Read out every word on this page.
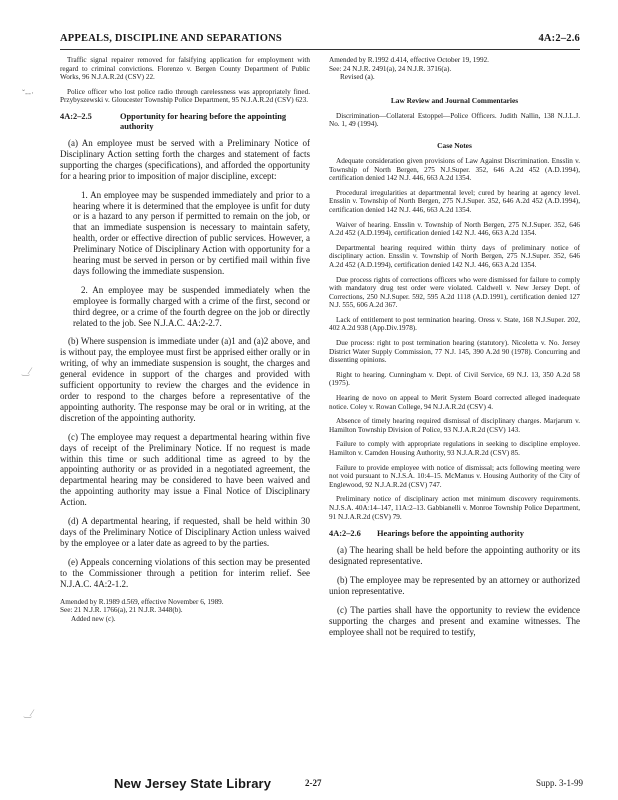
APPEALS, DISCIPLINE AND SEPARATIONS	4A:2–2.6

Traffic signal repairer removed for falsifying application for employment with regard to criminal convictions. Florenzo v. Bergen County Department of Public Works, 96 N.J.A.R.2d (CSV) 22.

Police officer who lost police radio through carelessness was appropriately fined. Przybyszewski v. Gloucester Township Police Department, 95 N.J.A.R.2d (CSV) 623.

4A:2–2.5	Opportunity for hearing before the appointing
authority

(a) An employee must be served with a Preliminary Notice of Disciplinary Action setting forth the charges and statement of facts supporting the charges (specifications), and afforded the opportunity for a hearing prior to imposition of major discipline, except:

1. An employee may be suspended immediately and prior to a hearing where it is determined that the employee is unfit for duty or is a hazard to any person if permitted to remain on the job, or that an immediate suspension is necessary to maintain safety, health, order or effective direction of public services. However, a Preliminary Notice of Disciplinary Action with opportunity for a hearing must be served in person or by certified mail within five days following the immediate suspension.

2. An employee may be suspended immediately when the employee is formally charged with a crime of the first, second or third degree, or a crime of the fourth degree on the job or directly related to the job. See N.J.A.C. 4A:2-2.7.

(b) Where suspension is immediate under (a)1 and (a)2 above, and is without pay, the employee must first be apprised either orally or in writing, of why an immediate suspension is sought, the charges and general evidence in support of the charges and provided with sufficient opportunity to review the charges and the evidence in order to respond to the charges before a representative of the appointing authority. The response may be oral or in writing, at the discretion of the appointing authority.

(c) The employee may request a departmental hearing within five days of receipt of the Preliminary Notice. If no request is made within this time or such additional time as agreed to by the appointing authority or as provided in a negotiated agreement, the departmental hearing may be considered to have been waived and the appointing authority may issue a Final Notice of Disciplinary Action.

(d) A departmental hearing, if requested, shall be held within 30 days of the Preliminary Notice of Disciplinary Action unless waived by the employee or a later date as agreed to by the parties.

(e) Appeals concerning violations of this section may be presented to the Commissioner through a petition for interim relief. See N.J.A.C. 4A:2-1.2.

Amended by R.1989 d.569, effective November 6, 1989.

See: 21 N.J.R. 1766(a), 21 N.J.R. 3448(b).

Added new (c).

Amended by R.1992 d.414, effective October 19, 1992.

See: 24 N.J.R. 2491(a), 24 N.J.R. 3716(a).

Revised (a).

Law Review and Journal Commentaries

Discrimination—Collateral Estoppel—Police Officers. Judith Nallin, 138 N.J.L.J. No. 1, 49 (1994).

Case Notes

Adequate consideration given provisions of Law Against Discrimination. Ensslin v. Township of North Bergen, 275 N.J.Super. 352, 646 A.2d 452 (A.D.1994), certification denied 142 N.J. 446, 663 A.2d 1354.

Procedural irregularities at departmental level; cured by hearing at agency level. Ensslin v. Township of North Bergen, 275 N.J.Super. 352, 646 A.2d 452 (A.D.1994), certification denied 142 N.J. 446, 663 A.2d 1354.

Waiver of hearing. Ensslin v. Township of North Bergen, 275 N.J.Super. 352, 646 A.2d 452 (A.D.1994), certification denied 142 N.J. 446, 663 A.2d 1354.

Departmental hearing required within thirty days of preliminary notice of disciplinary action. Ensslin v. Township of North Bergen, 275 N.J.Super. 352, 646 A.2d 452 (A.D.1994), certification denied 142 N.J. 446, 663 A.2d 1354.

Due process rights of corrections officers who were dismissed for failure to comply with mandatory drug test order were violated. Caldwell v. New Jersey Dept. of Corrections, 250 N.J.Super. 592, 595 A.2d 1118 (A.D.1991), certification denied 127 N.J. 555, 606 A.2d 367.

Lack of entitlement to post termination hearing. Oress v. State, 168 N.J.Super. 202, 402 A.2d 938 (App.Div.1978).

Due process: right to post termination hearing (statutory). Nicoletta v. No. Jersey District Water Supply Commission, 77 N.J. 145, 390 A.2d 90 (1978). Concurring and dissenting opinions.

Right to hearing. Cunningham v. Dept. of Civil Service, 69 N.J. 13, 350 A.2d 58 (1975).

Hearing de novo on appeal to Merit System Board corrected alleged inadequate notice. Coley v. Rowan College, 94 N.J.A.R.2d (CSV) 4.

Absence of timely hearing required dismissal of disciplinary charges. Marjarum v. Hamilton Township Division of Police, 93 N.J.A.R.2d (CSV) 143.

Failure to comply with appropriate regulations in seeking to discipline employee. Hamilton v. Camden Housing Authority, 93 N.J.A.R.2d (CSV) 85.

Failure to provide employee with notice of dismissal; acts following meeting were not void pursuant to N.J.S.A. 10:4–15. McManus v. Housing Authority of the City of Englewood, 92 N.J.A.R.2d (CSV) 747.

Preliminary notice of disciplinary action met minimum discovery requirements. N.J.S.A. 40A:14–147, 11A:2–13. Gabbianelli v. Monroe Township Police Department, 91 N.J.A.R.2d (CSV) 79.

4A:2–2.6 Hearings before the appointing authority

(a) The hearing shall be held before the appointing authority or its designated representative.

(b) The employee may be represented by an attorney or authorized union representative.

(c) The parties shall have the opportunity to review the evidence supporting the charges and present and examine witnesses. The employee shall not be required to testify,

ˇ‐‐·
‿⁄
‿⁄
New Jersey State Library	2-27	Supp. 3-1-99
